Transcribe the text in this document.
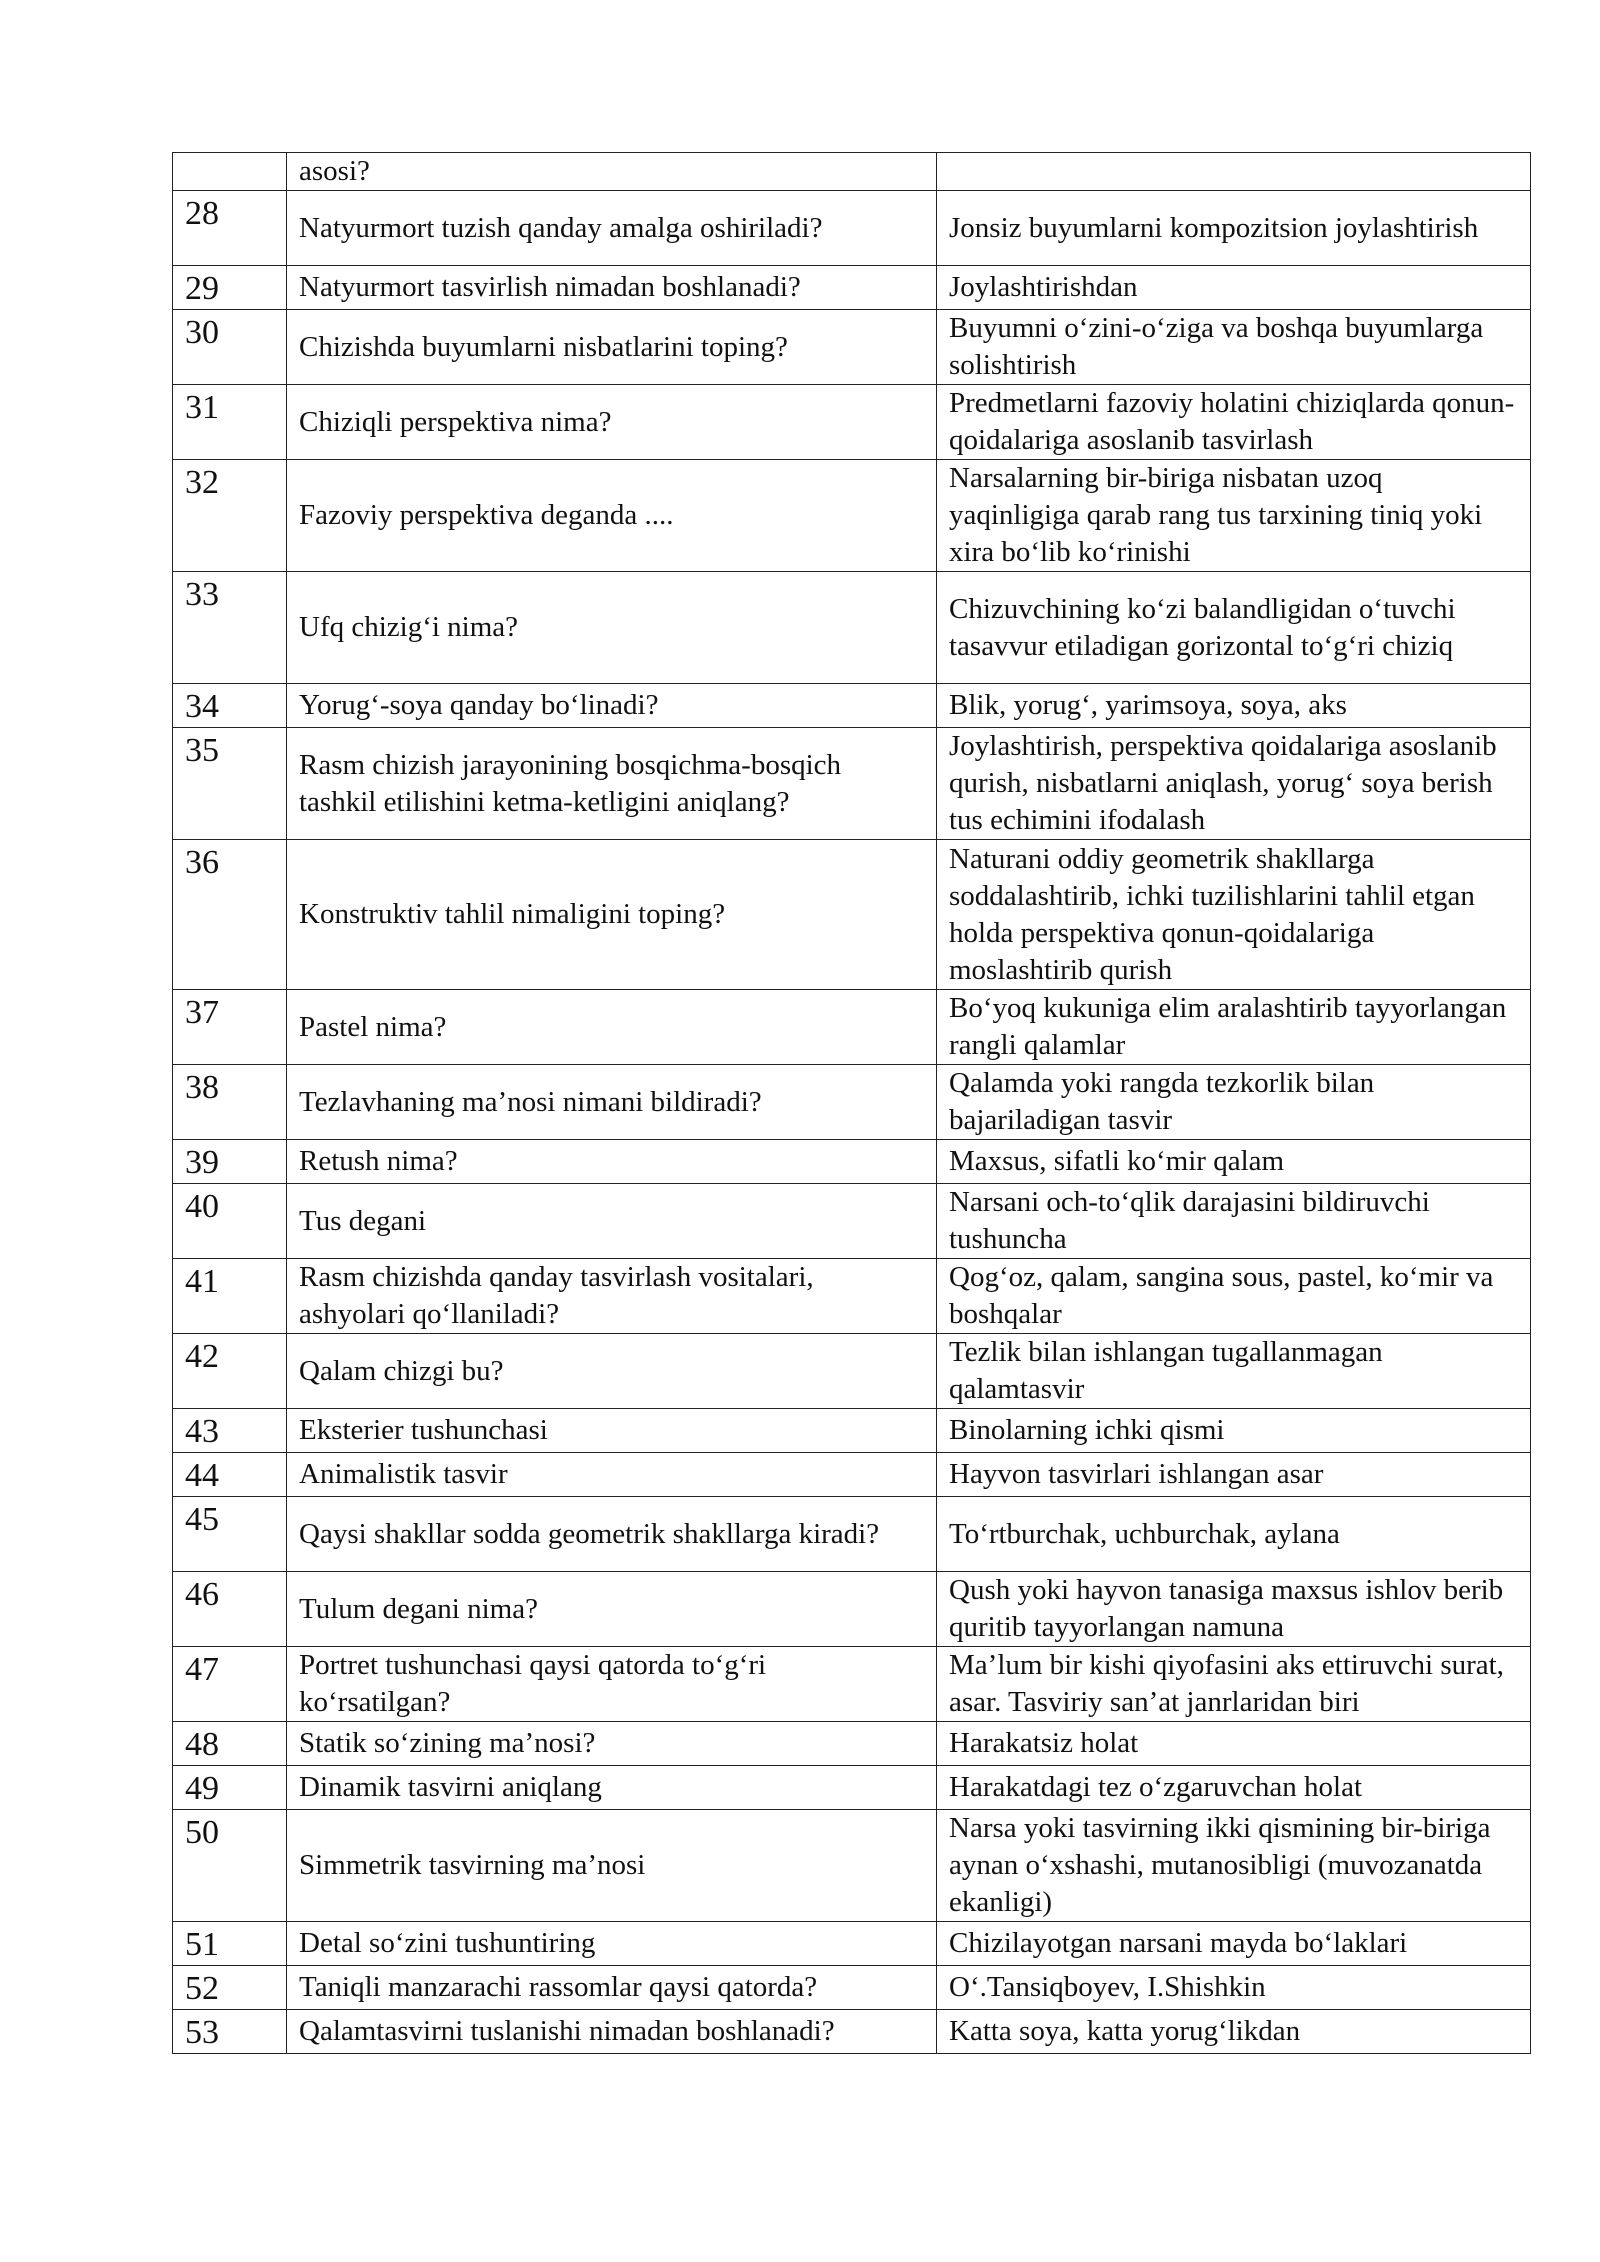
	asosi?	
28	Natyurmort tuzish qanday amalga oshiriladi?	Jonsiz buyumlarni kompozitsion joylashtirish
29	Natyurmort tasvirlish nimadan boshlanadi?	Joylashtirishdan
30	Chizishda buyumlarni nisbatlarini toping?	Buyumni o‘zini-o‘ziga va boshqa buyumlarga solishtirish
31	Chiziqli perspektiva nima?	Predmetlarni fazoviy holatini chiziqlarda qonun-qoidalariga asoslanib tasvirlash
32	Fazoviy perspektiva deganda ....	Narsalarning bir-biriga nisbatan uzoq yaqinligiga qarab rang tus tarxining tiniq yoki xira bo‘lib ko‘rinishi
33	Ufq chizig‘i nima?	Chizuvchining ko‘zi balandligidan o‘tuvchi tasavvur etiladigan gorizontal to‘g‘ri chiziq
34	Yorug‘-soya qanday bo‘linadi?	Blik, yorug‘, yarimsoya, soya, aks
35	Rasm chizish jarayonining bosqichma-bosqich tashkil etilishini ketma-ketligini aniqlang?	Joylashtirish, perspektiva qoidalariga asoslanib qurish, nisbatlarni aniqlash, yorug‘ soya berish tus echimini ifodalash
36	Konstruktiv tahlil nimaligini toping?	Naturani oddiy geometrik shakllarga soddalashtirib, ichki tuzilishlarini tahlil etgan holda perspektiva qonun-qoidalariga moslashtirib qurish
37	Pastel nima?	Bo‘yoq kukuniga elim aralashtirib tayyorlangan rangli qalamlar
38	Tezlavhaning ma’nosi nimani bildiradi?	Qalamda yoki rangda tezkorlik bilan bajariladigan tasvir
39	Retush nima?	Maxsus, sifatli ko‘mir qalam
40	Tus degani	Narsani och-to‘qlik darajasini bildiruvchi tushuncha
41	Rasm chizishda qanday tasvirlash vositalari, ashyolari qo‘llaniladi?	Qog‘oz, qalam, sangina sous, pastel, ko‘mir va boshqalar
42	Qalam chizgi bu?	Tezlik bilan ishlangan tugallanmagan qalamtasvir
43	Eksterier tushunchasi	Binolarning ichki qismi
44	Animalistik tasvir	Hayvon tasvirlari ishlangan asar
45	Qaysi shakllar sodda geometrik shakllarga kiradi?	To‘rtburchak, uchburchak, aylana
46	Tulum degani nima?	Qush yoki hayvon tanasiga maxsus ishlov berib quritib tayyorlangan namuna
47	Portret tushunchasi qaysi qatorda to‘g‘ri ko‘rsatilgan?	Ma’lum bir kishi qiyofasini aks ettiruvchi surat, asar. Tasviriy san’at janrlaridan biri
48	Statik so‘zining ma’nosi?	Harakatsiz holat
49	Dinamik tasvirni aniqlang	Harakatdagi tez o‘zgaruvchan holat
50	Simmetrik tasvirning ma’nosi	Narsa yoki tasvirning ikki qismining bir-biriga aynan o‘xshashi, mutanosibligi (muvozanatda ekanligi)
51	Detal so‘zini tushuntiring	Chizilayotgan narsani mayda bo‘laklari
52	Taniqli manzarachi rassomlar qaysi qatorda?	O‘.Tansiqboyev, I.Shishkin
53	Qalamtasvirni tuslanishi nimadan boshlanadi?	Katta soya, katta yorug‘likdan
